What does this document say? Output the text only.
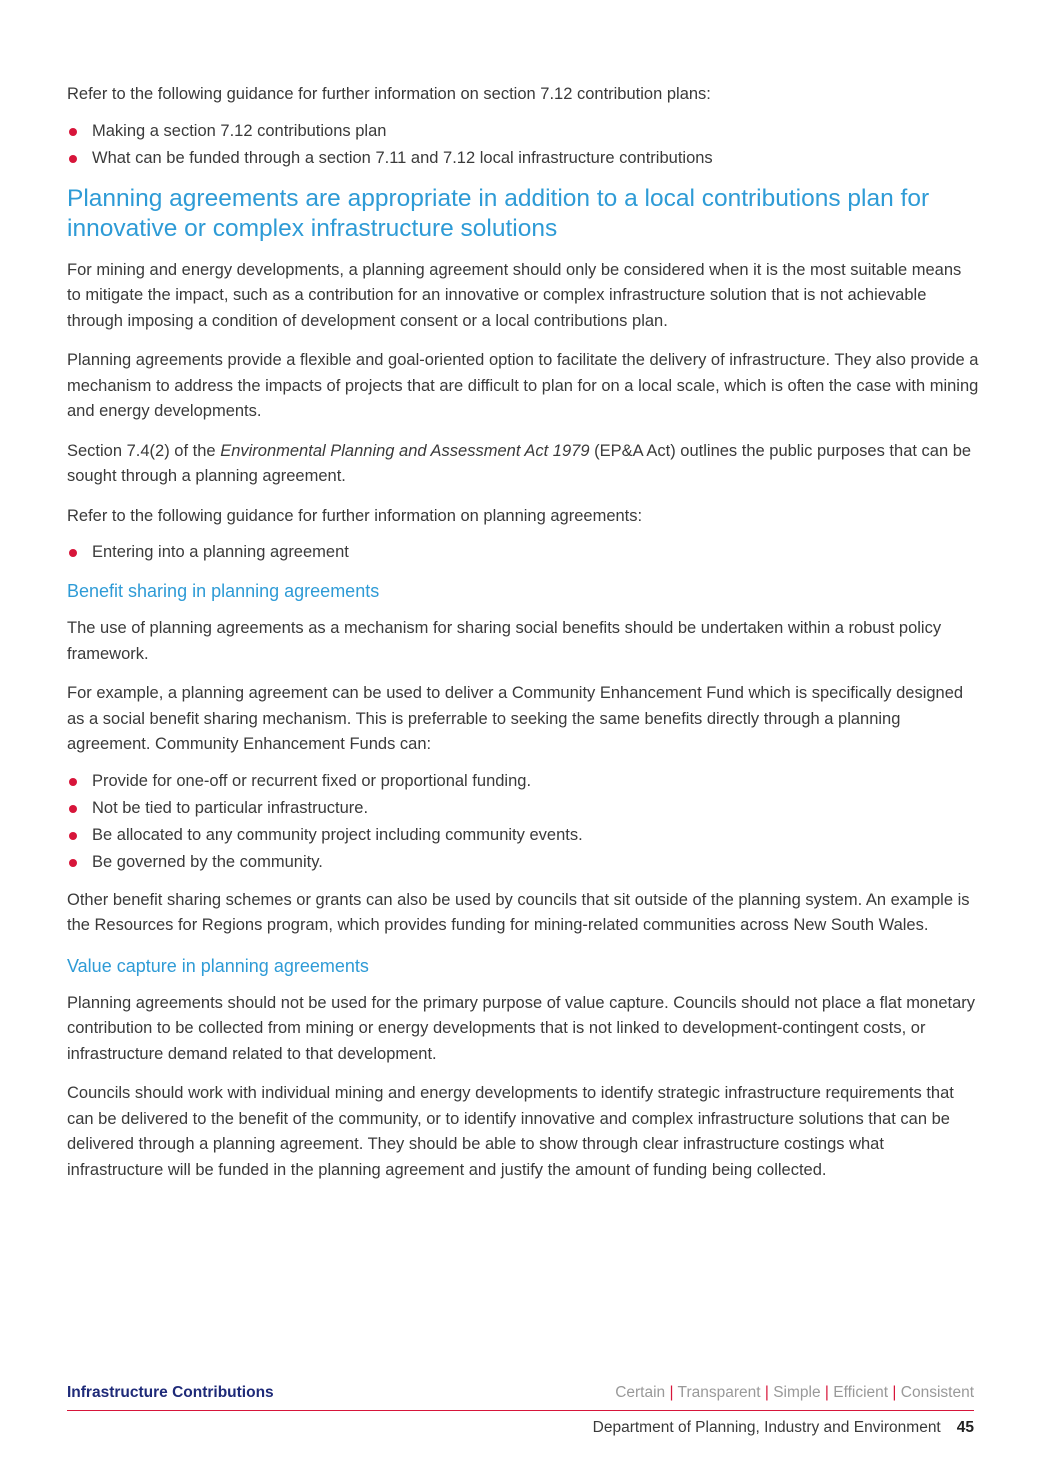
Refer to the following guidance for further information on section 7.12 contribution plans:

Making a section 7.12 contributions plan
What can be funded through a section 7.11 and 7.12 local infrastructure contributions
Planning agreements are appropriate in addition to a local contributions plan for innovative or complex infrastructure solutions

For mining and energy developments, a planning agreement should only be considered when it is the most suitable means to mitigate the impact, such as a contribution for an innovative or complex infrastructure solution that is not achievable through imposing a condition of development consent or a local contributions plan.

Planning agreements provide a flexible and goal-oriented option to facilitate the delivery of infrastructure. They also provide a mechanism to address the impacts of projects that are difficult to plan for on a local scale, which is often the case with mining and energy developments.

Section 7.4(2) of the Environmental Planning and Assessment Act 1979 (EP&A Act) outlines the public purposes that can be sought through a planning agreement.

Refer to the following guidance for further information on planning agreements:

Entering into a planning agreement
Benefit sharing in planning agreements

The use of planning agreements as a mechanism for sharing social benefits should be undertaken within a robust policy framework.

For example, a planning agreement can be used to deliver a Community Enhancement Fund which is specifically designed as a social benefit sharing mechanism. This is preferrable to seeking the same benefits directly through a planning agreement. Community Enhancement Funds can:

Provide for one-off or recurrent fixed or proportional funding.
Not be tied to particular infrastructure.
Be allocated to any community project including community events.
Be governed by the community.

Other benefit sharing schemes or grants can also be used by councils that sit outside of the planning system. An example is the Resources for Regions program, which provides funding for mining-related communities across New South Wales.

Value capture in planning agreements

Planning agreements should not be used for the primary purpose of value capture. Councils should not place a flat monetary contribution to be collected from mining or energy developments that is not linked to development-contingent costs, or infrastructure demand related to that development.

Councils should work with individual mining and energy developments to identify strategic infrastructure requirements that can be delivered to the benefit of the community, or to identify innovative and complex infrastructure solutions that can be delivered through a planning agreement. They should be able to show through clear infrastructure costings what infrastructure will be funded in the planning agreement and justify the amount of funding being collected.

Infrastructure Contributions	Certain | Transparent | Simple | Efficient | Consistent
Department of Planning, Industry and Environment 45
